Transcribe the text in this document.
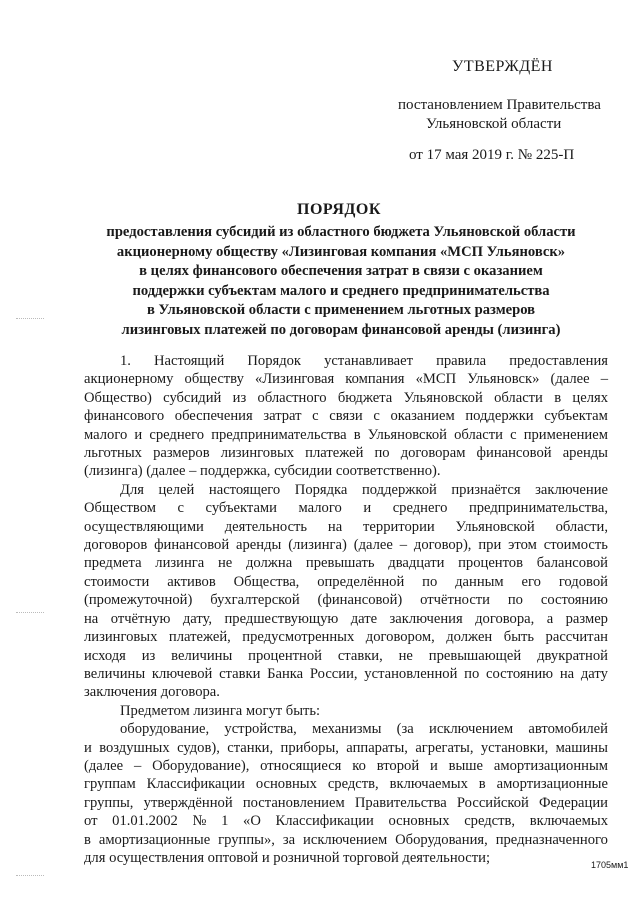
УТВЕРЖДЁН
постановлением Правительства
Ульяновской области
от 17 мая 2019 г. № 225-П
ПОРЯДОК
предоставления субсидий из областного бюджета Ульяновской области
акционерному обществу «Лизинговая компания «МСП Ульяновск»
в целях финансового обеспечения затрат в связи с оказанием
поддержки субъектам малого и среднего предпринимательства
в Ульяновской области с применением льготных размеров
лизинговых платежей по договорам финансовой аренды (лизинга)
1. Настоящий Порядок устанавливает правила предоставления
акционерному обществу «Лизинговая компания «МСП Ульяновск» (далее –
Общество) субсидий из областного бюджета Ульяновской области в целях
финансового обеспечения затрат с связи с оказанием поддержки субъектам
малого и среднего предпринимательства в Ульяновской области с применением
льготных размеров лизинговых платежей по договорам финансовой аренды
(лизинга) (далее – поддержка, субсидии соответственно).
Для целей настоящего Порядка поддержкой признаётся заключение
Обществом с субъектами малого и среднего предпринимательства,
осуществляющими деятельность на территории Ульяновской области,
договоров финансовой аренды (лизинга) (далее – договор), при этом стоимость
предмета лизинга не должна превышать двадцати процентов балансовой
стоимости активов Общества, определённой по данным его годовой
(промежуточной) бухгалтерской (финансовой) отчётности по состоянию
на отчётную дату, предшествующую дате заключения договора, а размер
лизинговых платежей, предусмотренных договором, должен быть рассчитан
исходя из величины процентной ставки, не превышающей двукратной
величины ключевой ставки Банка России, установленной по состоянию на дату
заключения договора.
Предметом лизинга могут быть:
оборудование, устройства, механизмы (за исключением автомобилей
и воздушных судов), станки, приборы, аппараты, агрегаты, установки, машины
(далее – Оборудование), относящиеся ко второй и выше амортизационным
группам Классификации основных средств, включаемых в амортизационные
группы, утверждённой постановлением Правительства Российской Федерации
от 01.01.2002 № 1 «О Классификации основных средств, включаемых
в амортизационные группы», за исключением Оборудования, предназначенного
для осуществления оптовой и розничной торговой деятельности;	1705мм1
